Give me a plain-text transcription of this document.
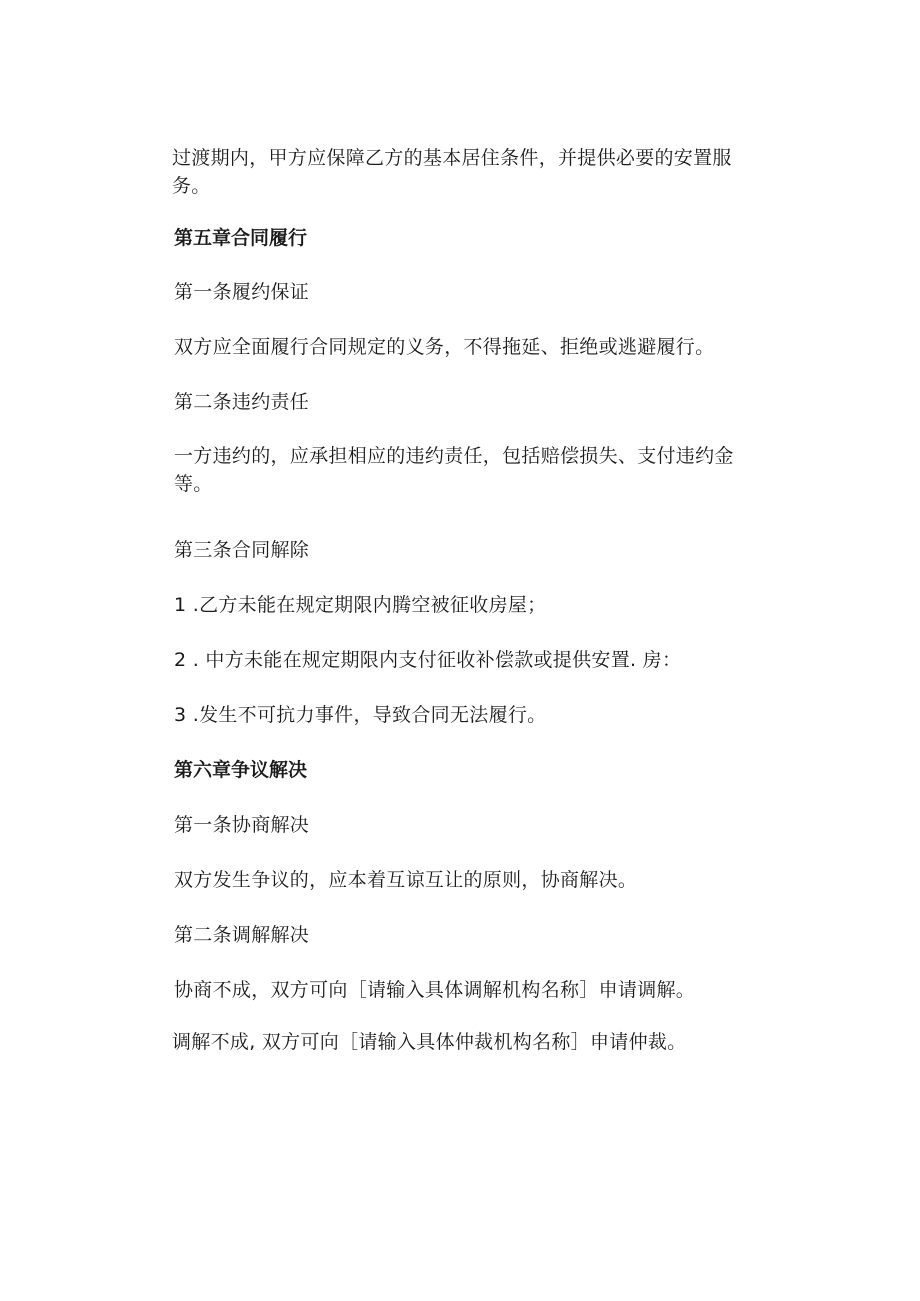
过渡期内，甲方应保障乙方的基本居住条件，并提供必要的安置服务。
第五章合同履行
第一条履约保证
双方应全面履行合同规定的义务，不得拖延、拒绝或逃避履行。
第二条违约责任
一方违约的，应承担相应的违约责任，包括赔偿损失、支付违约金等。
第三条合同解除
1 .乙方未能在规定期限内腾空被征收房屋；
2 . 中方未能在规定期限内支付征收补偿款或提供安置. 房：
3 .发生不可抗力事件，导致合同无法履行。
第六章争议解决
第一条协商解决
双方发生争议的，应本着互谅互让的原则，协商解决。
第二条调解解决
协商不成，双方可向［请输入具体调解机构名称］申请调解。
调解不成, 双方可向［请输入具体仲裁机构名称］申请仲裁。
